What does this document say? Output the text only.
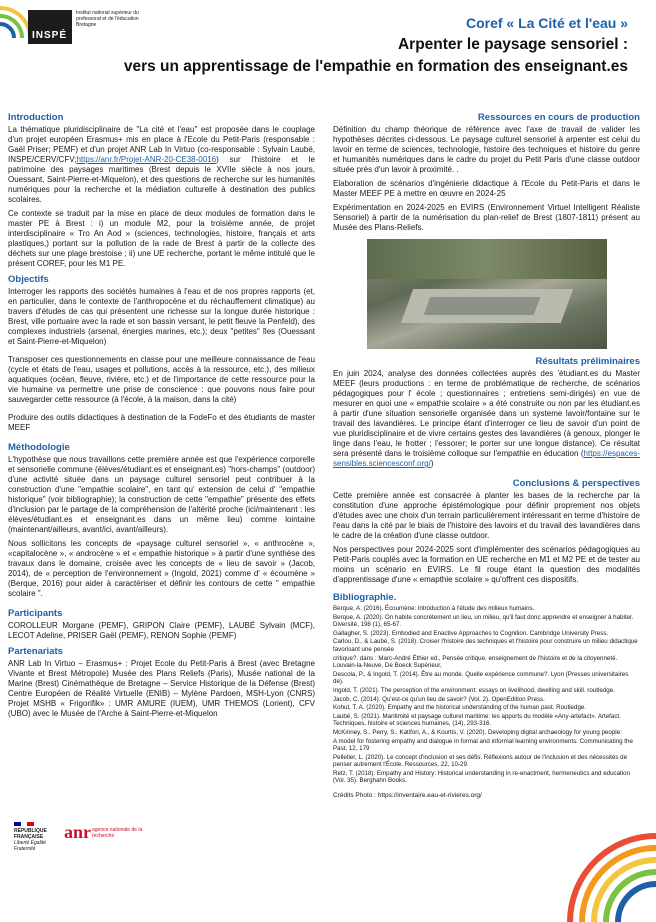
INSPÉ
Institut national supérieur du professorat et de l'éducation Bretagne	Coref « La Cité et l'eau »
Arpenter le paysage sensoriel :
vers un apprentissage de l'empathie en formation des enseignant.es
Introduction

La thématique pluridisciplinaire de "La cité et l'eau" est proposée dans le couplage d'un projet européen Erasmus+ mis en place à l'Ecole du Petit-Paris (responsable : Gaël Priser; PEMF) et d'un projet ANR Lab In Virtuo (co-responsable : Sylvain Laubé, INSPE/CERV/CFV;https://anr.fr/Projet-ANR-20-CE38-0016) sur l'histoire et le patrimoine des paysages maritimes (Brest depuis le XVIIe siècle à nos jours, Ouessant, Saint-Pierre-et-Miquelon), et des questions de recherche sur les humanités numériques pour la recherche et la médiation culturelle à destination des publics scolaires.

Ce contexte se traduit par la mise en place de deux modules de formation dans le master PE à Brest : i) un module M2, pour la troisième année, de projet interdisciplinaire « Tro An Aod » (sciences, technologies, histoire, français et arts plastiques,) portant sur la pollution de la rade de Brest à partir de la collecte des déchets sur une plage brestoise ; ii) une UE recherche, portant le même intitulé que le présent COREF, pour les M1 PE.

Objectifs

Interroger les rapports des sociétés humaines à l'eau et de nos propres rapports (et, en particulier, dans le contexte de l'anthropocène et du réchauffement climatique) au travers d'études de cas qui présentent une richesse sur la longue durée historique : Brest, ville portuaire avec la rade et son bassin versant, le petit fleuve la Penfeld), des complexes industriels (arsenal, énergies marines, etc.); deux "petites" îles (Ouessant et Saint-Pierre-et-Miquelon)

Transposer ces questionnements en classe pour une meilleure connaissance de l'eau (cycle et états de l'eau, usages et pollutions, accès à la ressource, etc.), des milieux aquatiques (océan, fleuve, rivière, etc.) et de l'importance de cette ressource pour la vie humaine va permettre une prise de conscience : que pouvons nous faire pour sauvegarder cette ressource (à l'école, à la maison, dans la cité)

Produire des outils didactiques à destination de la FodeFo et des étudiants de master MEEF

Méthodologie

L'hypothèse que nous travaillons cette première année est que l'expérience corporelle et sensorielle commune (élèves/étudiant.es et enseignant.es) "hors-champs" (outdoor) d'une activité située dans un paysage culturel sensoriel peut contribuer à la construction d'une "empathie scolaire", en tant qu' extension de celui d' "empathie historique" (voir bibliographie); la construction de cette "empathie" présente des effets d'inclusion par le partage de la compréhension de l'altérité proche (ici/maintenant : les élèves/étudiant.es et enseignant.es dans un même lieu) comme lointaine (maintenant/ailleurs, avant/ici, avant/ailleurs).

Nous sollicitons les concepts de «paysage culturel sensoriel », « anthrocène », «capitalocène », « androcène » et « empathie historique » à partir d'une synthèse des travaux dans le domaine, croisée avec les concepts de « lieu de savoir » (Jacob, 2014), de « perception de l'environnement » (Ingold, 2021) comme d' « écoumène » (Berque, 2016) pour aider à caractériser et définir les contours de cette " empathie scolaire ".

Participants

COROLLEUR Morgane (PEMF), GRIPON Claire (PEMF), LAUBÉ Sylvain (MCF), LECOT Adeline, PRISER Gaël (PEMF), RENON Sophie (PEMF)

Partenariats

ANR Lab In Virtuo – Erasmus+ : Projet Ecole du Petit-Paris à Brest (avec Bretagne Vivante et Brest Métropole) Musée des Plans Reliefs (Paris), Musée national de la Marine (Brest) Cinémathèque de Bretagne – Service Historique de la Défense (Brest) Centre Européen de Réalité Virtuelle (ENIB) – Mylène Pardoen, MSH-Lyon (CNRS) Projet MSHB « Frigorifik» : UMR AMURE (IUEM), UMR THEMOS (Lorient), CFV (UBO) avec le Musée de l'Arche à Saint-Pierre-et-Miquelon

Ressources en cours de production

Définition du champ théorique de référence avec l'axe de travail de valider les hypothèses décrites ci-dessous. Le paysage culturel sensoriel à arpenter est celui du lavoir en terme de sciences, technologie, histoire des techniques et histoire du genre et humanités numériques dans le cadre du projet du Petit Paris d'une classe outdoor située près d'un lavoir à proximité. .

Elaboration de scénarios d'ingénierie didactique à l'Ecole du Petit-Paris et dans le Master MEEF PE à mettre en œuvre en 2024-25

Expérimentation en 2024-2025 en EVIRS (Environnement Virtuel Intelligent Réaliste Sensoriel) à partir de la numérisation du plan-relief de Brest (1807-1811) présent au Musée des Plans-Reliefs.

Résultats préliminaires

En juin 2024, analyse des données collectées auprès des 'étudiant.es du Master MEEF (leurs productions : en terme de problématique de recherche, de scénarios pédagogiques pour l' école ; questionnaires ; entretiens semi-dirigés) en vue de mesurer en quoi une « empathie scolaire » a été construite ou non par les étudiant.es à partir d'une situation sensorielle organisée dans un systeme lavoir/fontaine sur le travail des lavandières. Le principe étant d'interroger ce lieu de savoir d'un point de vue pluridisciplinaire et de vivre certains gestes des lavandières (à genoux, plonger le linge dans l'eau, le frotter ; l'essorer; le porter sur une longue distance). Ce résultat sera présenté dans le troisième colloque sur l'empathie en éducation (https://espaces-sensibles.sciencesconf.org/)

Conclusions & perspectives

Cette première année est consacrée à planter les bases de la recherche par la constitution d'une approche épistémologique pour définir proprement nos objets d'études avec une choix d'un terrain particulièrement intéressant en terme d'histoire de l'eau dans la cité par le biais de l'histoire des lavoirs et du travail des lavandières dans le cadre de la création d'une classe outdoor.

Nos perspectives pour 2024-2025 sont d'implémenter des scénarios pédagogiques au Petit-Paris couplés avec la formation en UE recherche en M1 et M2 PE et de tester au moins un scénario en EVIRS. Le fil rouge étant la question des modalités d'apprentissage d'une « emapthie scolaire » qu'offrent ces dispositifs.

Bibliographie.

Berque, A. (2016). Écoumène: introduction à l'étude des milieux humains.

Berque, A. (2020). On habite concrètement un lieu, un milieu, qu'il faut donc apprendre et enseigner à habiter. Diversité, 198 (1), 65-67.

Gallagher, S. (2023). Embodied and Enactive Approaches to Cognition. Cambridge University Press.

Carlou, D., & Laubé, S. (2018). Croiser l'histoire des techniques et l'histoire pour construire un milieu didactique favorisant une pensée

critique?. dans : Marc-André Éthier ed., Pensée critique, enseignement de l'histoire et de la citoyenneté. Louvain-la-Neuve, De Boeck Supérieur,

Descola, P., & Ingold, T. (2014). Être au monde. Quelle expérience commune?. Lyon (Presses universitaires de).

Ingold, T. (2021). The perception of the environment: essays on livelihood, dwelling and skill. routledge.

Jacob, C. (2014). Qu'est-ce qu'un lieu de savoir? (Vol. 2). OpenEdition Press.

Kohut, T. A. (2020). Empathy and the historical understanding of the human past. Routledge.

Laubé, S. (2021). Maritimité et paysage culturel maritime: les apports du modèle «Any-artefact». Artefact. Techniques, histoire et sciences humaines, (14), 293-316.

McKinney, S., Perry, S., Katifori, A., & Kourtis, V. (2020). Developing digital archaeology for young people:

A model for fostering empathy and dialogue in formal and informal learning environments. Communicating the Past, 12, 179

Pelletier, L. (2020). Le concept d'inclusion et ses défis. Réflexions autour de l'inclusion et des nécessités de penser autrement l'École. Ressources, 22, 10-29.

Retz, T. (2018). Empathy and History: Historical understanding in re-enactment, hermeneutics and education (Vol. 35). Berghahn Books.

Crédits Photo : https://inventaire.eau-et-rivieres.org/

RÉPUBLIQUE FRANÇAISE
Liberté Égalité Fraternité
anr agence nationale de la recherche
